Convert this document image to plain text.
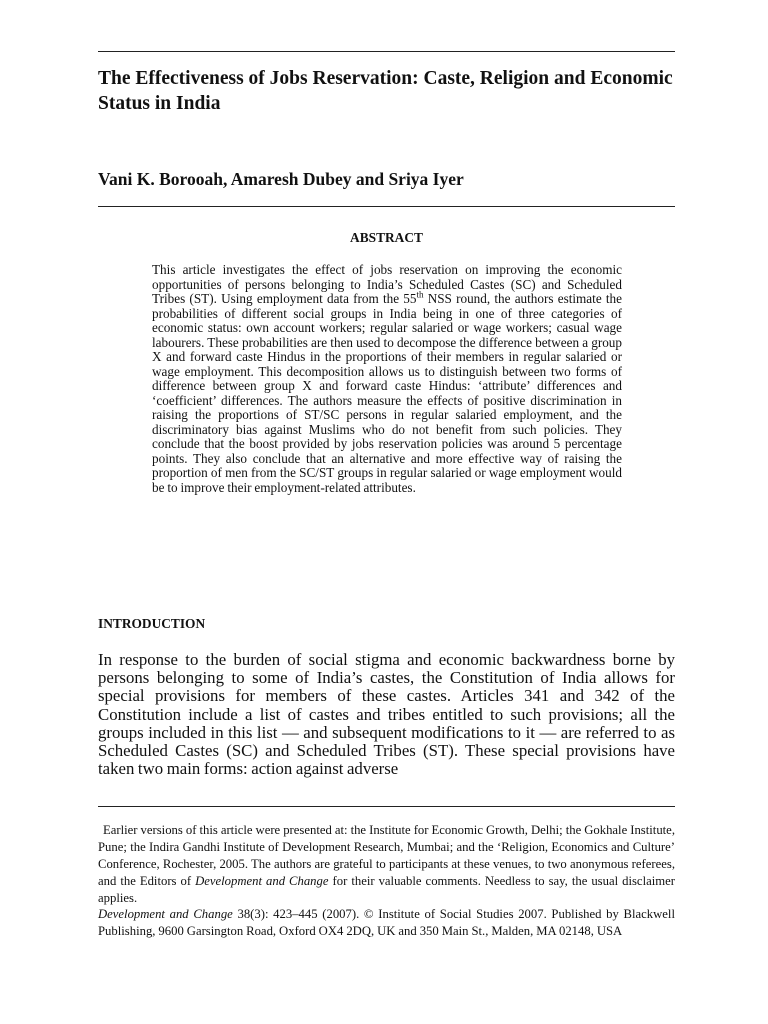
The Effectiveness of Jobs Reservation: Caste, Religion and Economic Status in India
Vani K. Borooah, Amaresh Dubey and Sriya Iyer
ABSTRACT

This article investigates the effect of jobs reservation on improving the economic opportunities of persons belonging to India’s Scheduled Castes (SC) and Scheduled Tribes (ST). Using employment data from the 55th NSS round, the authors estimate the probabilities of different social groups in India being in one of three categories of economic status: own account workers; regular salaried or wage workers; casual wage labourers. These probabilities are then used to decompose the difference between a group X and forward caste Hindus in the proportions of their members in regular salaried or wage employment. This decomposition allows us to distinguish between two forms of difference between group X and forward caste Hindus: ‘attribute’ differences and ‘coefficient’ differences. The authors measure the effects of positive discrimination in raising the proportions of ST/SC persons in regular salaried employment, and the discriminatory bias against Muslims who do not benefit from such policies. They conclude that the boost provided by jobs reservation policies was around 5 percentage points. They also conclude that an alternative and more effective way of raising the proportion of men from the SC/ST groups in regular salaried or wage employment would be to improve their employment-related attributes.

INTRODUCTION

In response to the burden of social stigma and economic backwardness borne by persons belonging to some of India’s castes, the Constitution of India allows for special provisions for members of these castes. Articles 341 and 342 of the Constitution include a list of castes and tribes entitled to such provisions; all the groups included in this list — and subsequent modifications to it — are referred to as Scheduled Castes (SC) and Scheduled Tribes (ST). These special provisions have taken two main forms: action against adverse

Earlier versions of this article were presented at: the Institute for Economic Growth, Delhi; the Gokhale Institute, Pune; the Indira Gandhi Institute of Development Research, Mumbai; and the ‘Religion, Economics and Culture’ Conference, Rochester, 2005. The authors are grateful to participants at these venues, to two anonymous referees, and the Editors of Development and Change for their valuable comments. Needless to say, the usual disclaimer applies.

Development and Change 38(3): 423–445 (2007). © Institute of Social Studies 2007. Published by Blackwell Publishing, 9600 Garsington Road, Oxford OX4 2DQ, UK and 350 Main St., Malden, MA 02148, USA
